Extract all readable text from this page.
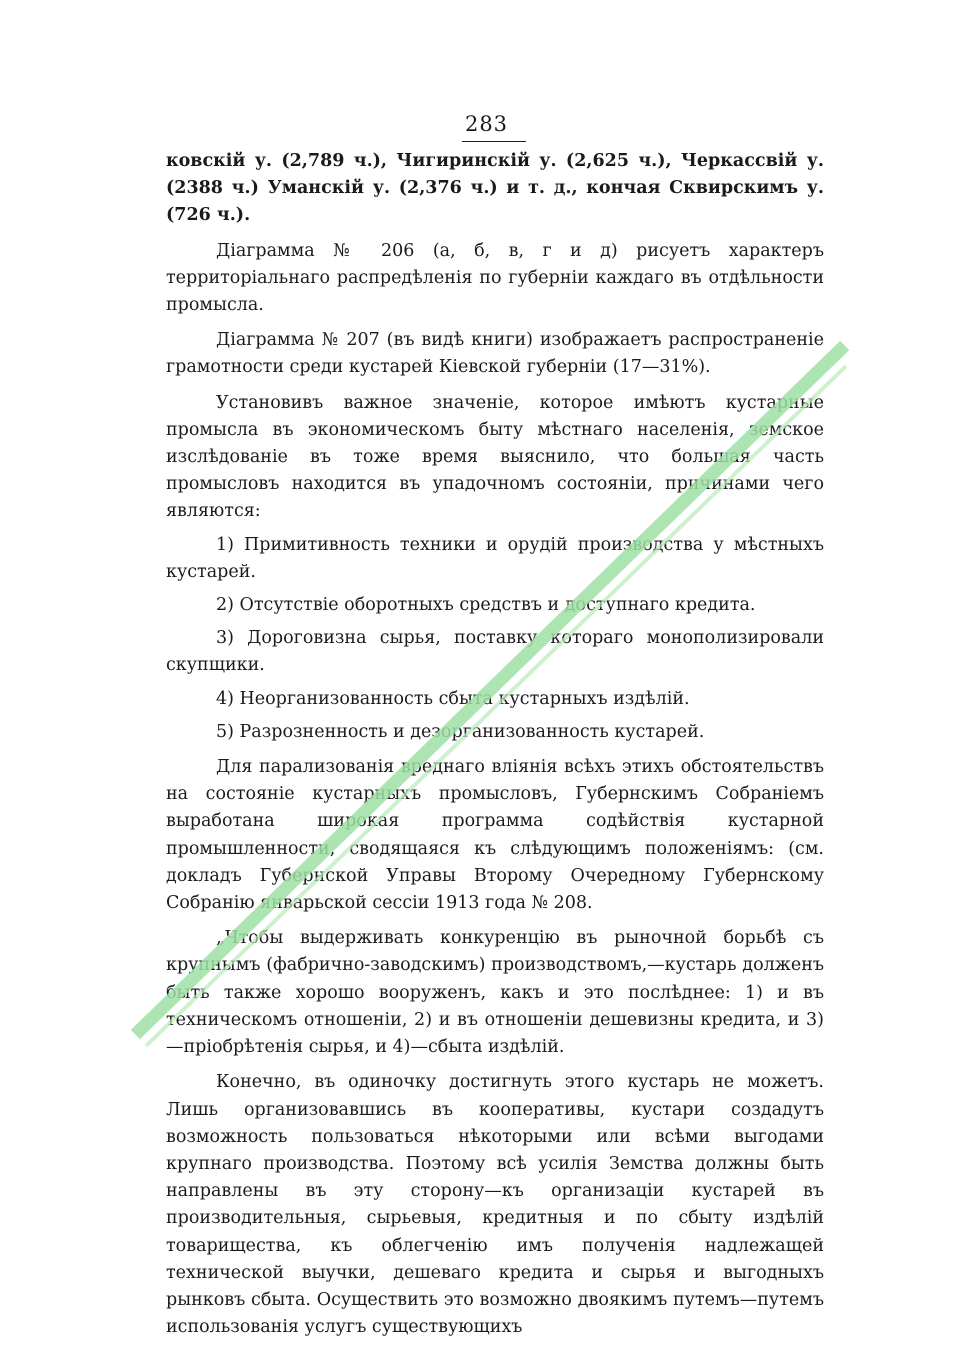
283

ковскій у. (2,789 ч.), Чигиринскій у. (2,625 ч.), Черкассвій у. (2388 ч.) Уманскій у. (2,376 ч.) и т. д., кончая Сквирскимъ у. (726 ч.).

Діаграмма № 206 (а, б, в, г и д) рисуетъ характеръ территоріальнаго распредѣленія по губерніи каждаго въ отдѣльности промысла.

Діаграмма № 207 (въ видѣ книги) изображаетъ распространеніе грамотности среди кустарей Кіевской губерніи (17—31%).

Установивъ важное значеніе, которое имѣютъ кустарные промысла въ экономическомъ быту мѣстнаго населенія, земское изслѣдованіе въ тоже время выяснило, что большая часть промысловъ находится въ упадочномъ состояніи, причинами чего являются:

1) Примитивность техники и орудій производства у мѣстныхъ кустарей.

2) Отсутствіе оборотныхъ средствъ и доступнаго кредита.

3) Дороговизна сырья, поставку котораго монополизировали скупщики.

4) Неорганизованность сбыта кустарныхъ издѣлій.

5) Разрозненность и дезорганизованность кустарей.

Для парализованія вреднаго вліянія всѣхъ этихъ обстоятельствъ на состояніе кустарныхъ промысловъ, Губернскимъ Собраніемъ выработана широкая программа содѣйствія кустарной промышленности, сводящаяся къ слѣдующимъ положеніямъ: (см. докладъ Губернской Управы Второму Очередному Губернскому Собранію январьской сессіи 1913 года № 208.

„Чтобы выдерживать конкуренцію въ рыночной борьбѣ съ крупнымъ (фабрично-заводскимъ) производствомъ,—кустарь долженъ быть также хорошо вооруженъ, какъ и это послѣднее: 1) и въ техническомъ отношеніи, 2) и въ отношеніи дешевизны кредита, и 3)—пріобрѣтенія сырья, и 4)—сбыта издѣлій.

Конечно, въ одиночку достигнуть этого кустарь не можетъ. Лишь организовавшись въ кооперативы, кустари создадутъ возможность пользоваться нѣкоторыми или всѣми выгодами крупнаго производства. Поэтому всѣ усилія Земства должны быть направлены въ эту сторону—къ организаціи кустарей въ производительныя, сырьевыя, кредитныя и по сбыту издѣлій товарищества, къ облегченію имъ полученія надлежащей технической выучки, дешеваго кредита и сырья и выгодныхъ рынковъ сбыта. Осуществить это возможно двоякимъ путемъ—путемъ использованія услугъ существующихъ
